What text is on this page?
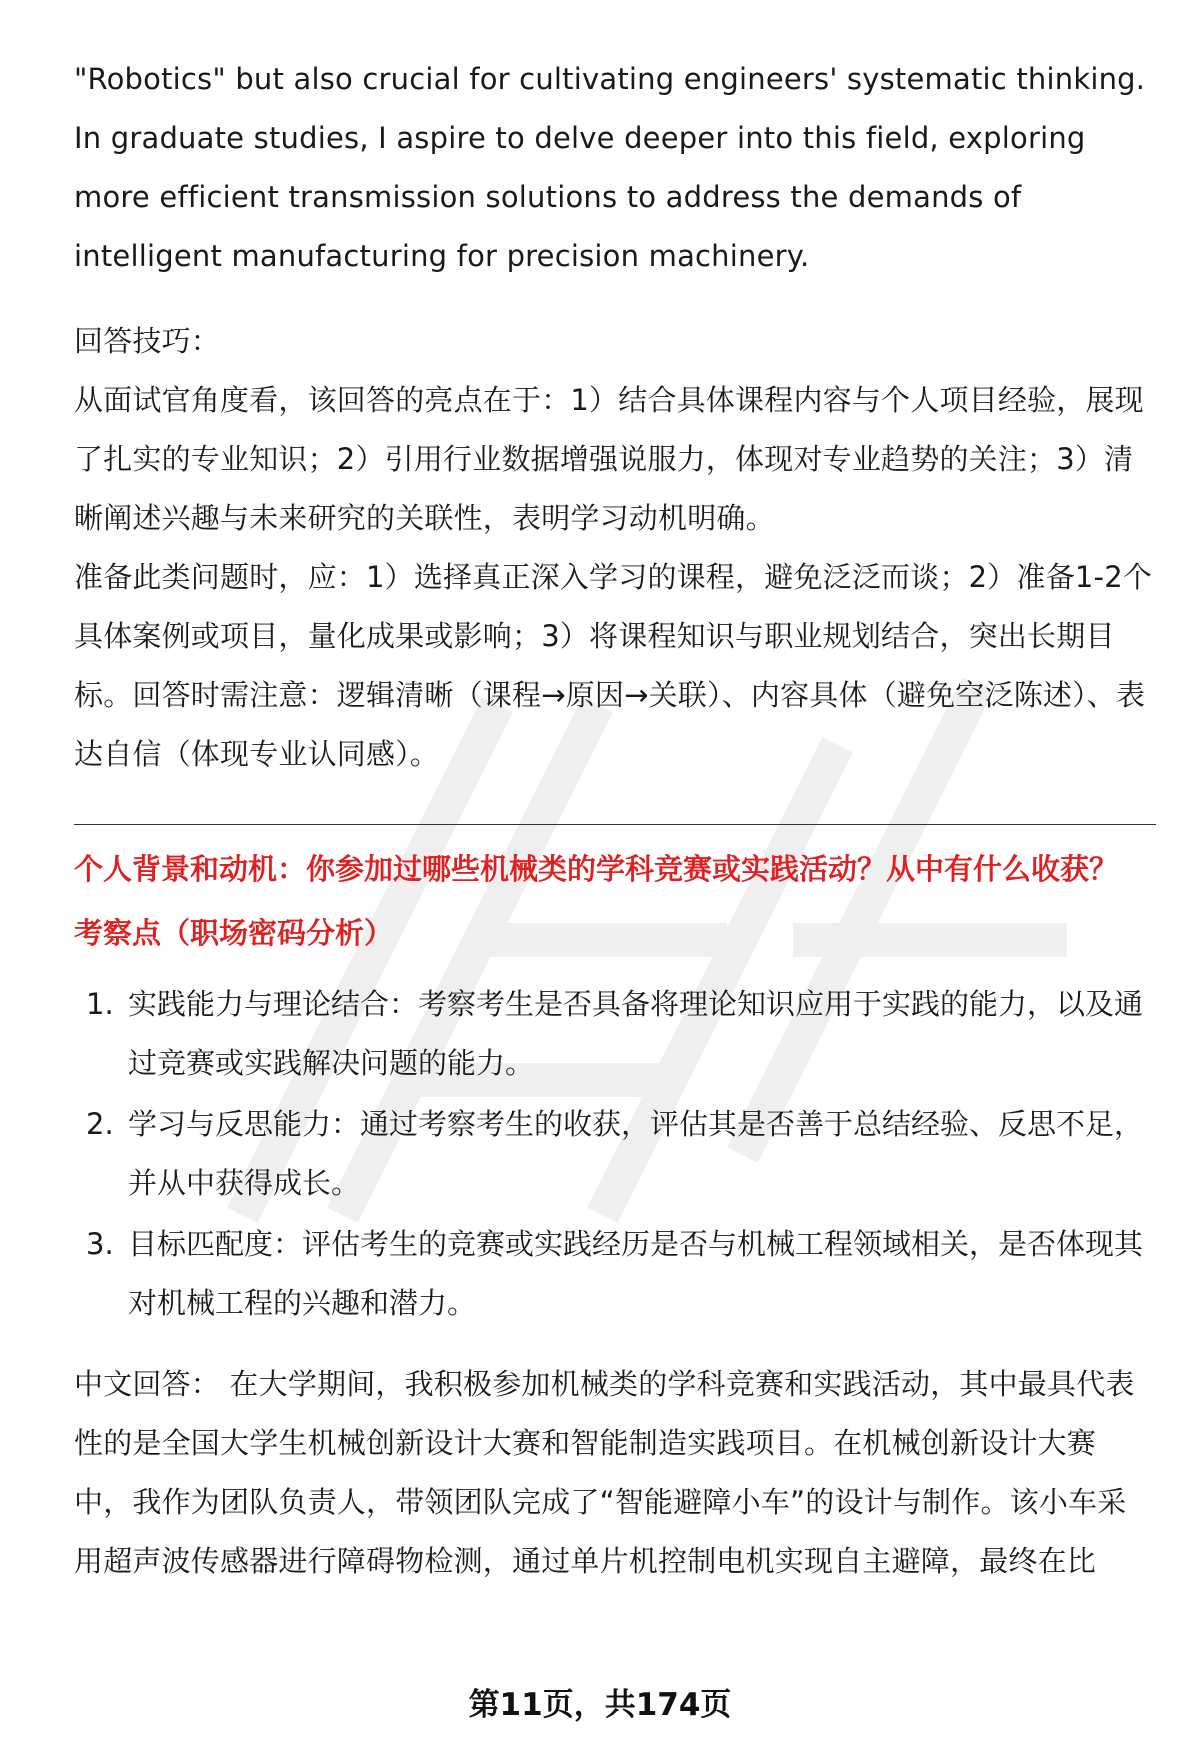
"Robotics" but also crucial for cultivating engineers' systematic thinking. In graduate studies, I aspire to delve deeper into this field, exploring more efficient transmission solutions to address the demands of intelligent manufacturing for precision machinery.

回答技巧：

从面试官角度看，该回答的亮点在于：1）结合具体课程内容与个人项目经验，展现了扎实的专业知识；2）引用行业数据增强说服力，体现对专业趋势的关注；3）清晰阐述兴趣与未来研究的关联性，表明学习动机明确。

准备此类问题时，应：1）选择真正深入学习的课程，避免泛泛而谈；2）准备1-2个具体案例或项目，量化成果或影响；3）将课程知识与职业规划结合，突出长期目标。回答时需注意：逻辑清晰（课程→原因→关联）、内容具体（避免空泛陈述）、表达自信（体现专业认同感）。

个人背景和动机：你参加过哪些机械类的学科竞赛或实践活动？从中有什么收获？

考察点（职场密码分析）

1. 实践能力与理论结合：考察考生是否具备将理论知识应用于实践的能力，以及通过竞赛或实践解决问题的能力。
2. 学习与反思能力：通过考察考生的收获，评估其是否善于总结经验、反思不足，并从中获得成长。
3. 目标匹配度：评估考生的竞赛或实践经历是否与机械工程领域相关，是否体现其对机械工程的兴趣和潜力。

中文回答： 在大学期间，我积极参加机械类的学科竞赛和实践活动，其中最具代表性的是全国大学生机械创新设计大赛和智能制造实践项目。在机械创新设计大赛中，我作为团队负责人，带领团队完成了“智能避障小车”的设计与制作。该小车采用超声波传感器进行障碍物检测，通过单片机控制电机实现自主避障，最终在比

第11页，共174页
